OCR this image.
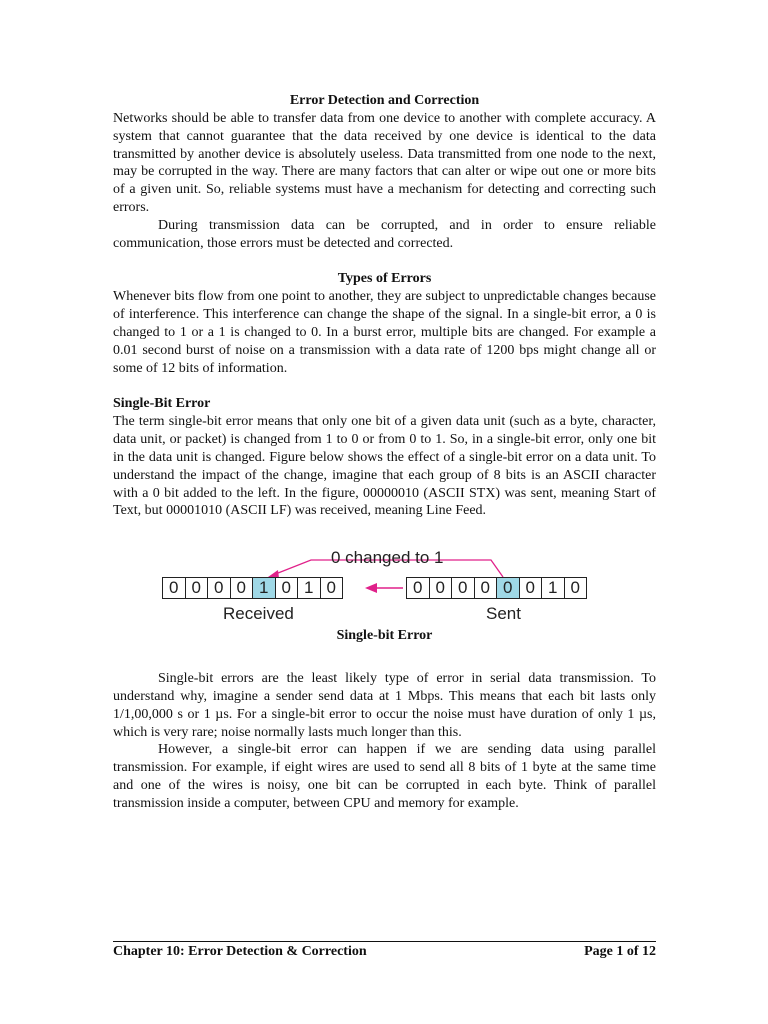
Error Detection and Correction

Networks should be able to transfer data from one device to another with complete accuracy. A system that cannot guarantee that the data received by one device is identical to the data transmitted by another device is absolutely useless. Data transmitted from one node to the next, may be corrupted in the way. There are many factors that can alter or wipe out one or more bits of a given unit. So, reliable systems must have a mechanism for detecting and correcting such errors.

During transmission data can be corrupted, and in order to ensure reliable communication, those errors must be detected and corrected.

Types of Errors

Whenever bits flow from one point to another, they are subject to unpredictable changes because of interference. This interference can change the shape of the signal. In a single-bit error, a 0 is changed to 1 or a 1 is changed to 0. In a burst error, multiple bits are changed. For example a 0.01 second burst of noise on a transmission with a data rate of 1200 bps might change all or some of 12 bits of information.

Single-Bit Error

The term single-bit error means that only one bit of a given data unit (such as a byte, character, data unit, or packet) is changed from 1 to 0 or from 0 to 1. So, in a single-bit error, only one bit in the data unit is changed. Figure below shows the effect of a single-bit error on a data unit. To understand the impact of the change, imagine that each group of 8 bits is an ASCII character with a 0 bit added to the left. In the figure, 00000010 (ASCII STX) was sent, meaning Start of Text, but 00001010 (ASCII LF) was received, meaning Line Feed.

0 changed to 1
0 0 0 0 1 0 1 0	0 0 0 0 0 0 1 0
Received	Sent
Single-bit Error

Single-bit errors are the least likely type of error in serial data transmission. To understand why, imagine a sender send data at 1 Mbps. This means that each bit lasts only 1/1,00,000 s or 1 µs. For a single-bit error to occur the noise must have duration of only 1 µs, which is very rare; noise normally lasts much longer than this.

However, a single-bit error can happen if we are sending data using parallel transmission. For example, if eight wires are used to send all 8 bits of 1 byte at the same time and one of the wires is noisy, one bit can be corrupted in each byte. Think of parallel transmission inside a computer, between CPU and memory for example.

Chapter 10: Error Detection & Correction	Page 1 of 12
